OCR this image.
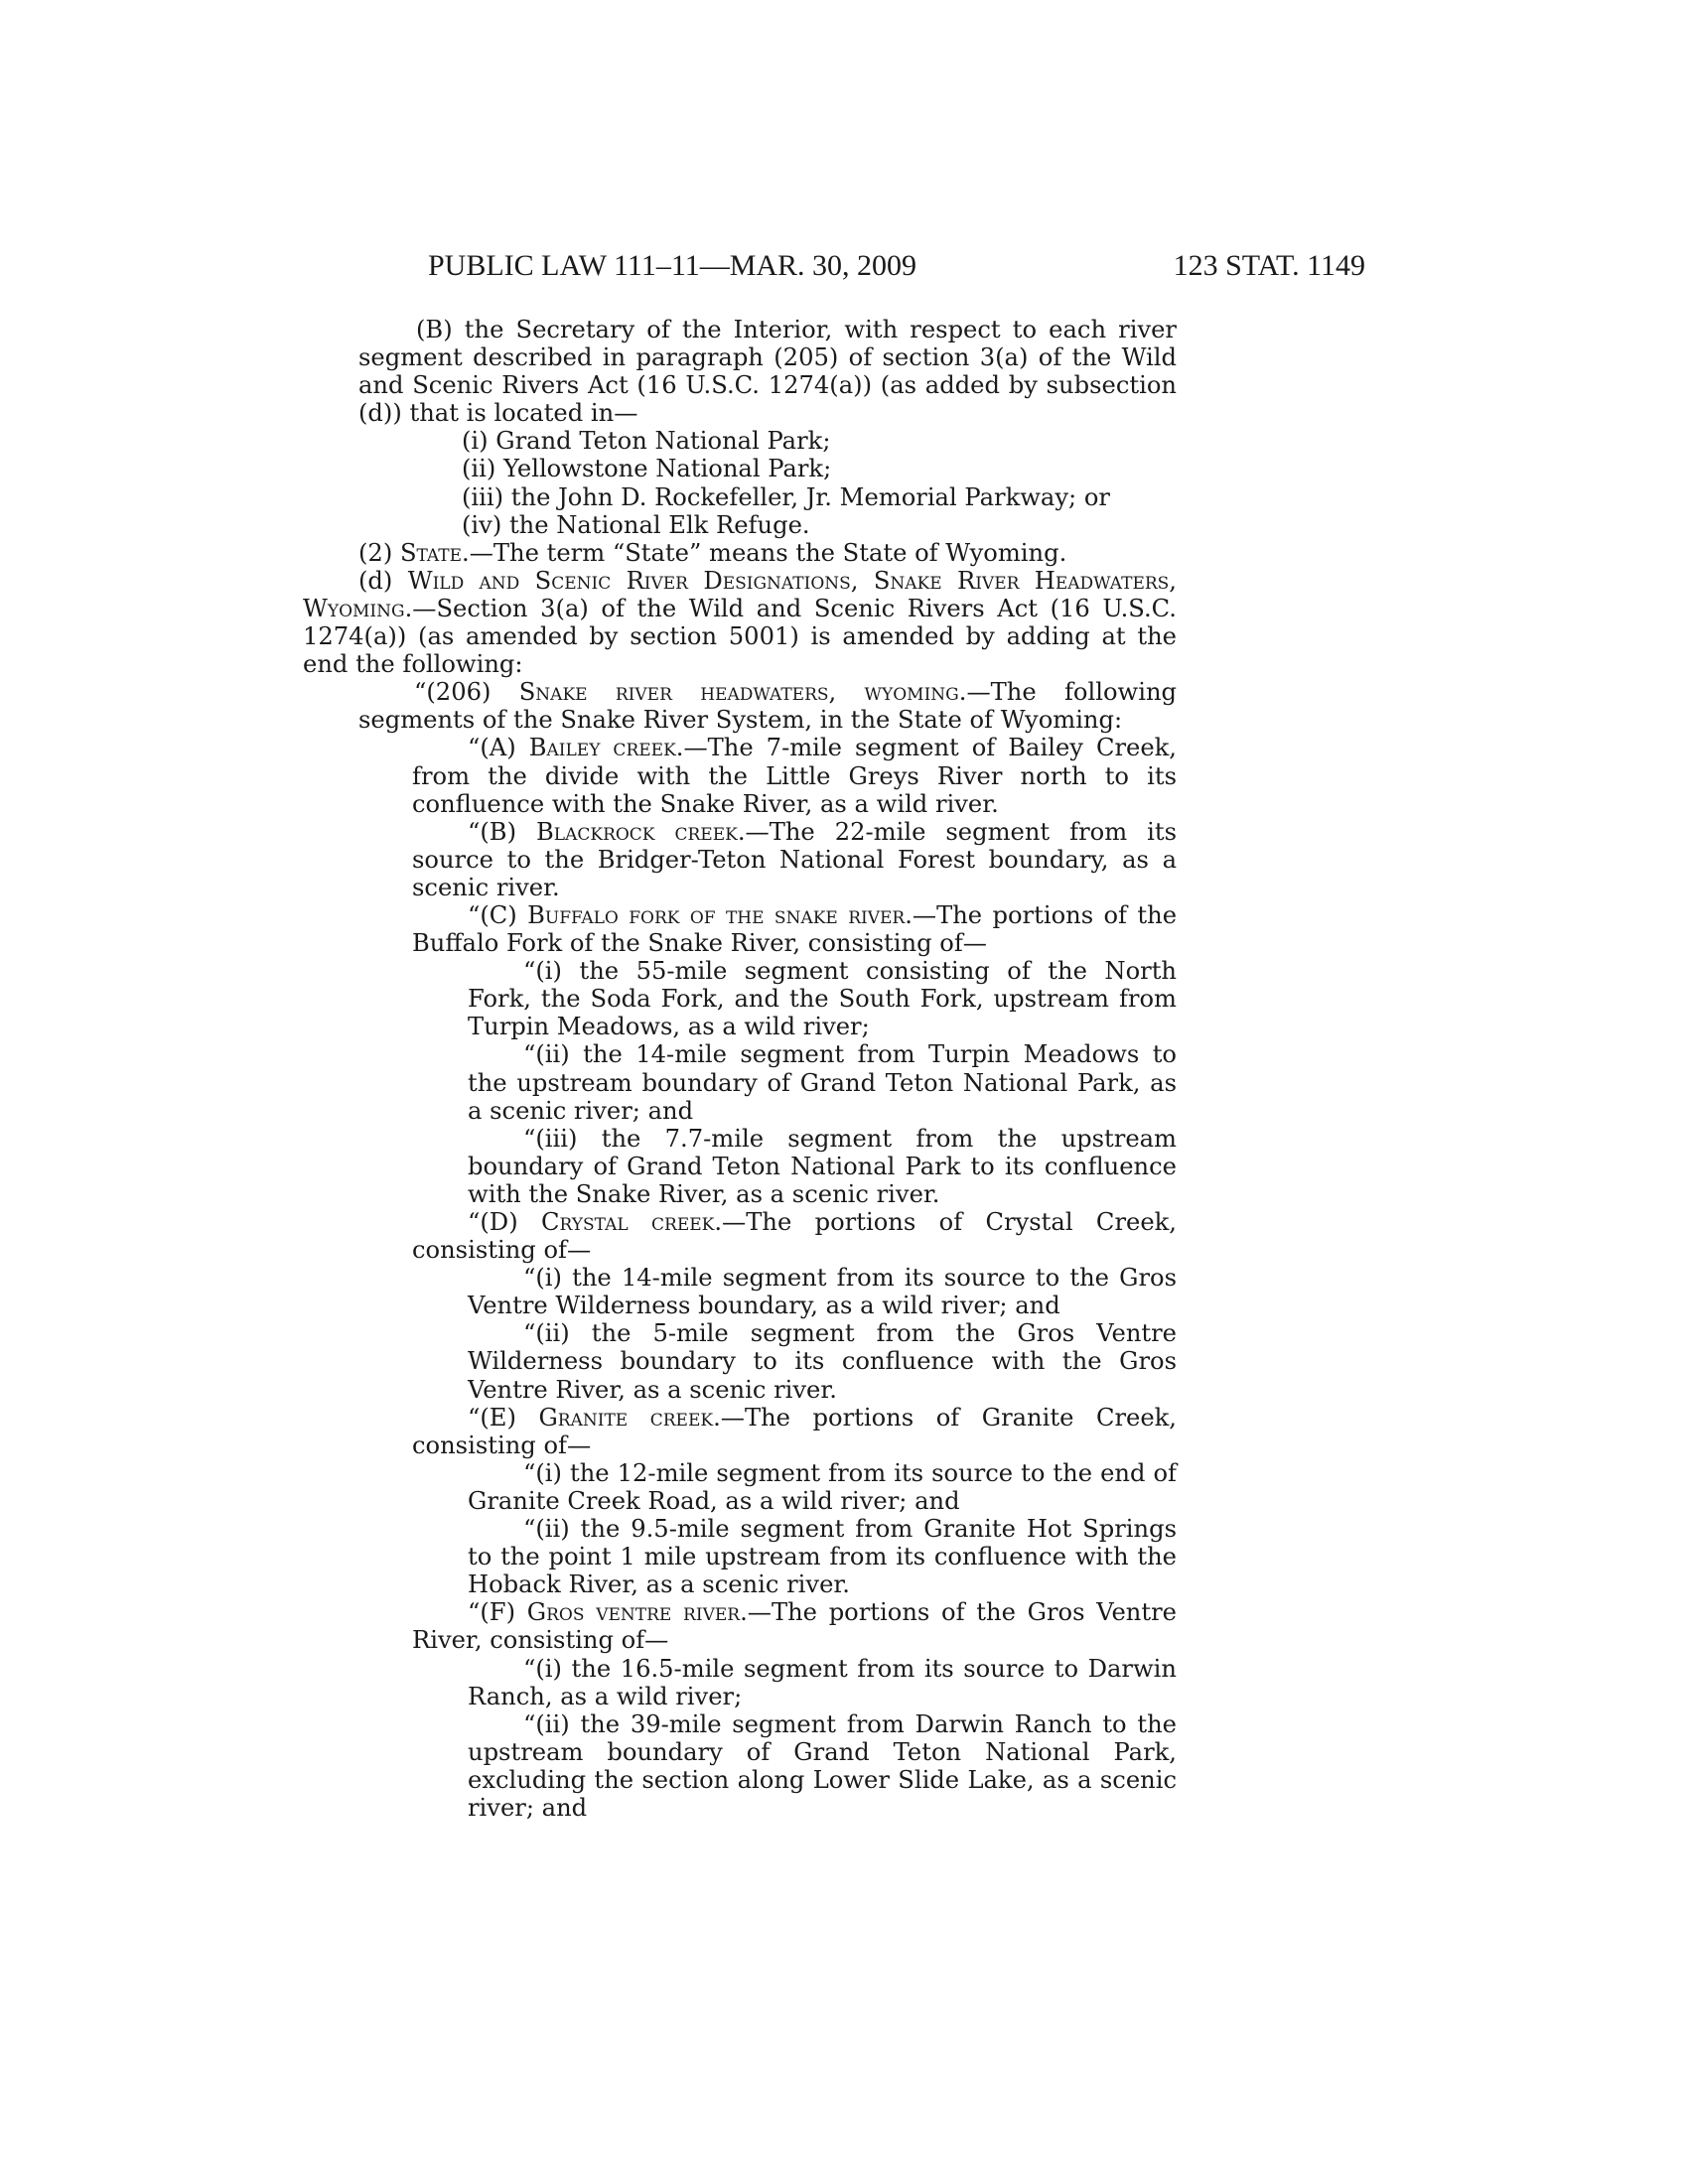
PUBLIC LAW 111–11—MAR. 30, 2009	123 STAT. 1149

(B) the Secretary of the Interior, with respect to each river segment described in paragraph (205) of section 3(a) of the Wild and Scenic Rivers Act (16 U.S.C. 1274(a)) (as added by subsection (d)) that is located in—

(i) Grand Teton National Park;

(ii) Yellowstone National Park;

(iii) the John D. Rockefeller, Jr. Memorial Parkway; or

(iv) the National Elk Refuge.

(2) State.—The term “State” means the State of Wyoming.

(d) Wild and Scenic River Designations, Snake River Headwaters, Wyoming.—Section 3(a) of the Wild and Scenic Rivers Act (16 U.S.C. 1274(a)) (as amended by section 5001) is amended by adding at the end the following:

“(206) Snake river headwaters, wyoming.—The following segments of the Snake River System, in the State of Wyoming:

“(A) Bailey creek.—The 7-mile segment of Bailey Creek, from the divide with the Little Greys River north to its confluence with the Snake River, as a wild river.

“(B) Blackrock creek.—The 22-mile segment from its source to the Bridger-Teton National Forest boundary, as a scenic river.

“(C) Buffalo fork of the snake river.—The portions of the Buffalo Fork of the Snake River, consisting of—

“(i) the 55-mile segment consisting of the North Fork, the Soda Fork, and the South Fork, upstream from Turpin Meadows, as a wild river;

“(ii) the 14-mile segment from Turpin Meadows to the upstream boundary of Grand Teton National Park, as a scenic river; and

“(iii) the 7.7-mile segment from the upstream boundary of Grand Teton National Park to its confluence with the Snake River, as a scenic river.

“(D) Crystal creek.—The portions of Crystal Creek, consisting of—

“(i) the 14-mile segment from its source to the Gros Ventre Wilderness boundary, as a wild river; and

“(ii) the 5-mile segment from the Gros Ventre Wilderness boundary to its confluence with the Gros Ventre River, as a scenic river.

“(E) Granite creek.—The portions of Granite Creek, consisting of—

“(i) the 12-mile segment from its source to the end of Granite Creek Road, as a wild river; and

“(ii) the 9.5-mile segment from Granite Hot Springs to the point 1 mile upstream from its confluence with the Hoback River, as a scenic river.

“(F) Gros ventre river.—The portions of the Gros Ventre River, consisting of—

“(i) the 16.5-mile segment from its source to Darwin Ranch, as a wild river;

“(ii) the 39-mile segment from Darwin Ranch to the upstream boundary of Grand Teton National Park, excluding the section along Lower Slide Lake, as a scenic river; and
